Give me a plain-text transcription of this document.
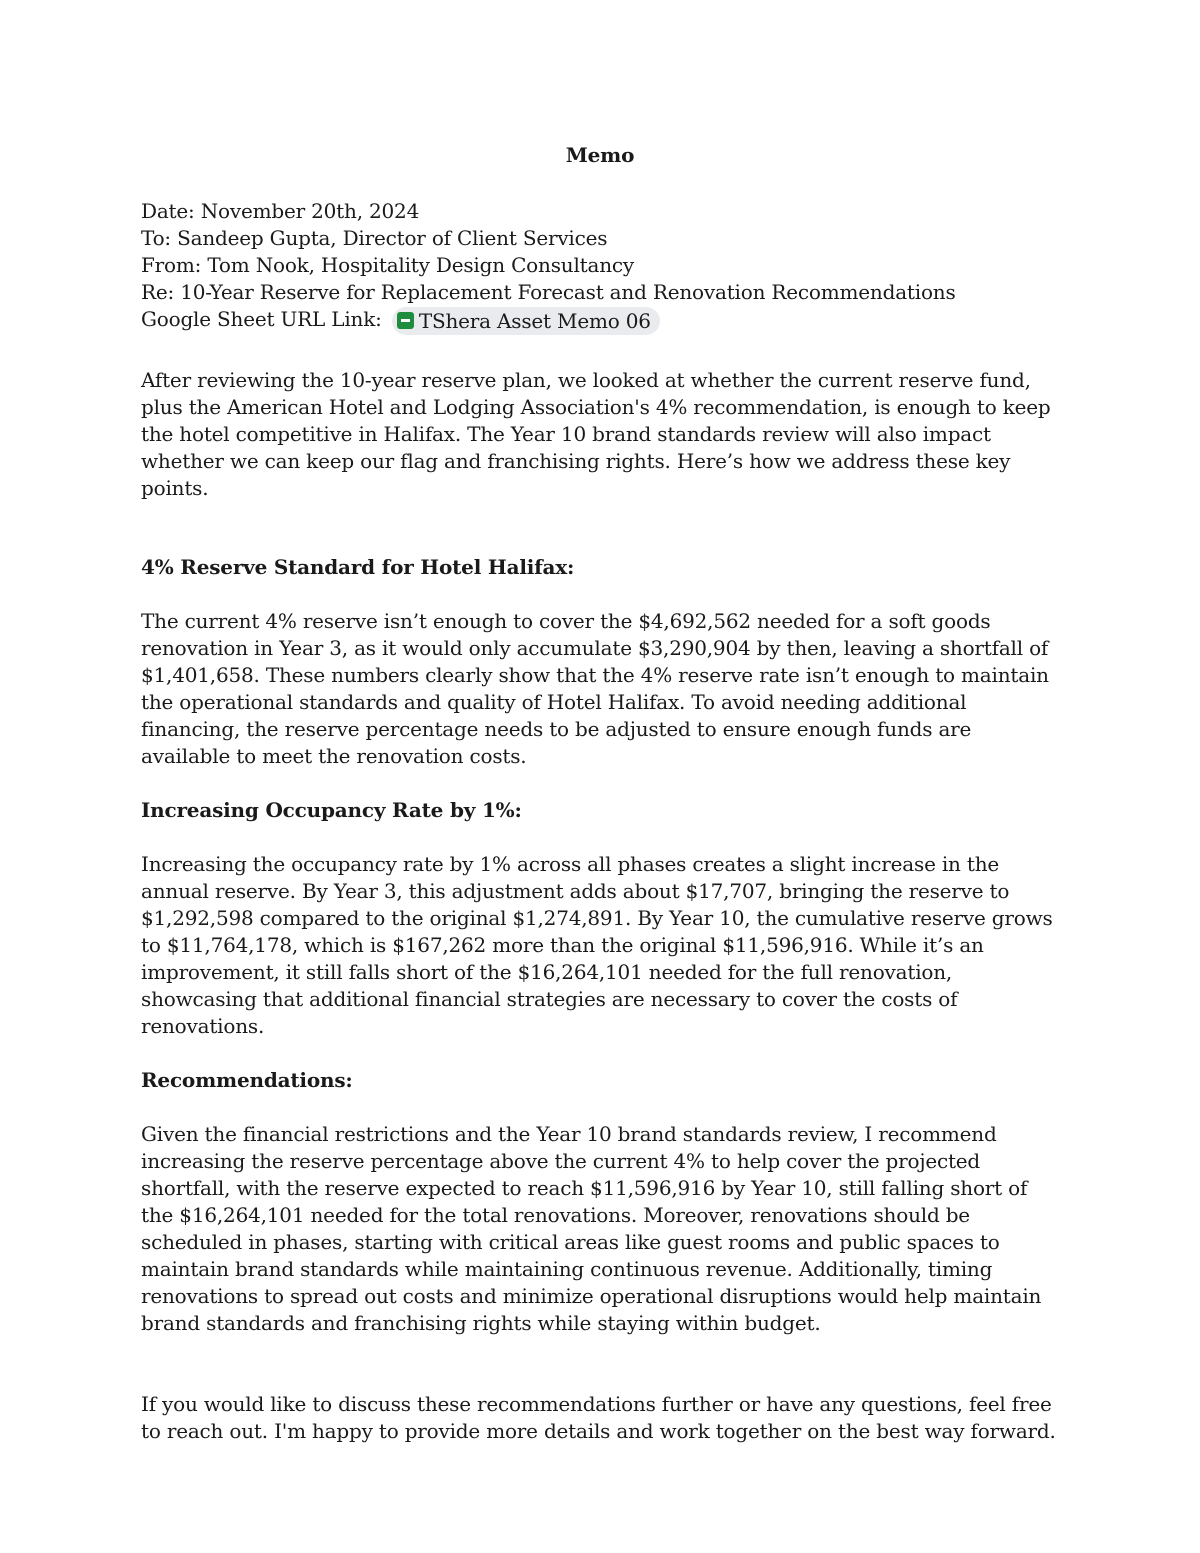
Memo

Date: November 20th, 2024

To: Sandeep Gupta, Director of Client Services

From: Tom Nook, Hospitality Design Consultancy

Re: 10-Year Reserve for Replacement Forecast and Renovation Recommendations

Google Sheet URL Link: TShera Asset Memo 06

After reviewing the 10-year reserve plan, we looked at whether the current reserve fund, plus the American Hotel and Lodging Association's 4% recommendation, is enough to keep the hotel competitive in Halifax. The Year 10 brand standards review will also impact whether we can keep our flag and franchising rights. Here’s how we address these key points.

4% Reserve Standard for Hotel Halifax:

The current 4% reserve isn’t enough to cover the $4,692,562 needed for a soft goods renovation in Year 3, as it would only accumulate $3,290,904 by then, leaving a shortfall of $1,401,658. These numbers clearly show that the 4% reserve rate isn’t enough to maintain the operational standards and quality of Hotel Halifax. To avoid needing additional financing, the reserve percentage needs to be adjusted to ensure enough funds are available to meet the renovation costs.

Increasing Occupancy Rate by 1%:

Increasing the occupancy rate by 1% across all phases creates a slight increase in the annual reserve. By Year 3, this adjustment adds about $17,707, bringing the reserve to $1,292,598 compared to the original $1,274,891. By Year 10, the cumulative reserve grows to $11,764,178, which is $167,262 more than the original $11,596,916. While it’s an improvement, it still falls short of the $16,264,101 needed for the full renovation, showcasing that additional financial strategies are necessary to cover the costs of renovations.

Recommendations:

Given the financial restrictions and the Year 10 brand standards review, I recommend increasing the reserve percentage above the current 4% to help cover the projected shortfall, with the reserve expected to reach $11,596,916 by Year 10, still falling short of the $16,264,101 needed for the total renovations. Moreover, renovations should be scheduled in phases, starting with critical areas like guest rooms and public spaces to maintain brand standards while maintaining continuous revenue. Additionally, timing renovations to spread out costs and minimize operational disruptions would help maintain brand standards and franchising rights while staying within budget.

If you would like to discuss these recommendations further or have any questions, feel free to reach out. I'm happy to provide more details and work together on the best way forward.
